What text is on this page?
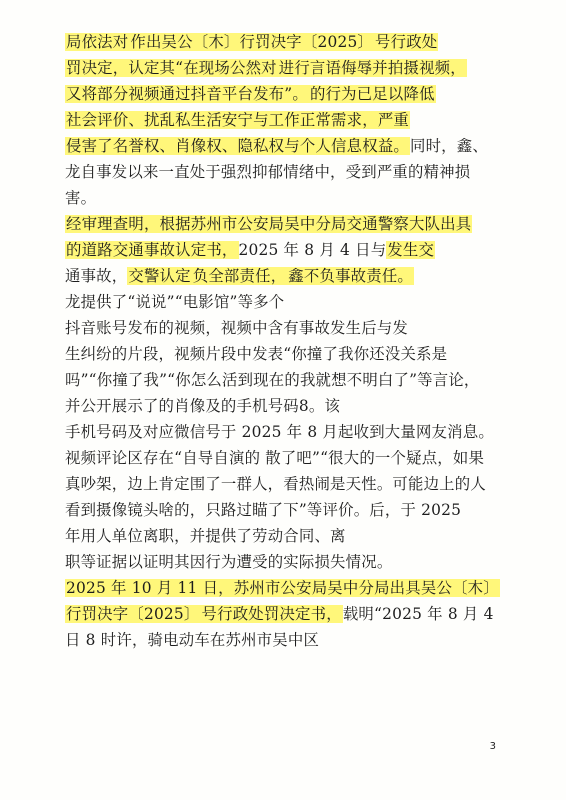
局依法对 作出吴公〔木〕行罚决字〔2025〕 号行政处
罚决定，认定其“在现场公然对 进行言语侮辱并拍摄视频，
又将部分视频通过抖音平台发布”。 的行为已足以降低
社会评价、扰乱私生活安宁与工作正常需求，严重
侵害了名誉权、肖像权、隐私权与个人信息权益。同时，鑫、
龙自事发以来一直处于强烈抑郁情绪中，受到严重的精神损
害。
经审理查明，根据苏州市公安局吴中分局交通警察大队出具
的道路交通事故认定书，2025 年 8 月 4 日与发生交
通事故，交警认定 负全部责任， 鑫不负事故责任。
龙提供了“说说”“电影馆”等多个
抖音账号发布的视频，视频中含有事故发生后与发
生纠纷的片段，视频片段中发表“你撞了我你还没关系是
吗”“你撞了我”“你怎么活到现在的我就想不明白了”等言论，
并公开展示了的肖像及的手机号码8。该
手机号码及对应微信号于 2025 年 8 月起收到大量网友消息。
视频评论区存在“自导自演的 散了吧”“很大的一个疑点，如果
真吵架，边上肯定围了一群人，看热闹是天性。可能边上的人
看到摄像镜头啥的，只路过瞄了下”等评价。后，于 2025
年用人单位离职，并提供了劳动合同、离
职等证据以证明其因行为遭受的实际损失情况。
2025 年 10 月 11 日，苏州市公安局吴中分局出具吴公〔木〕
行罚决字〔2025〕 号行政处罚决定书，载明“2025 年 8 月 4
日 8 时许，骑电动车在苏州市吴中区
3
